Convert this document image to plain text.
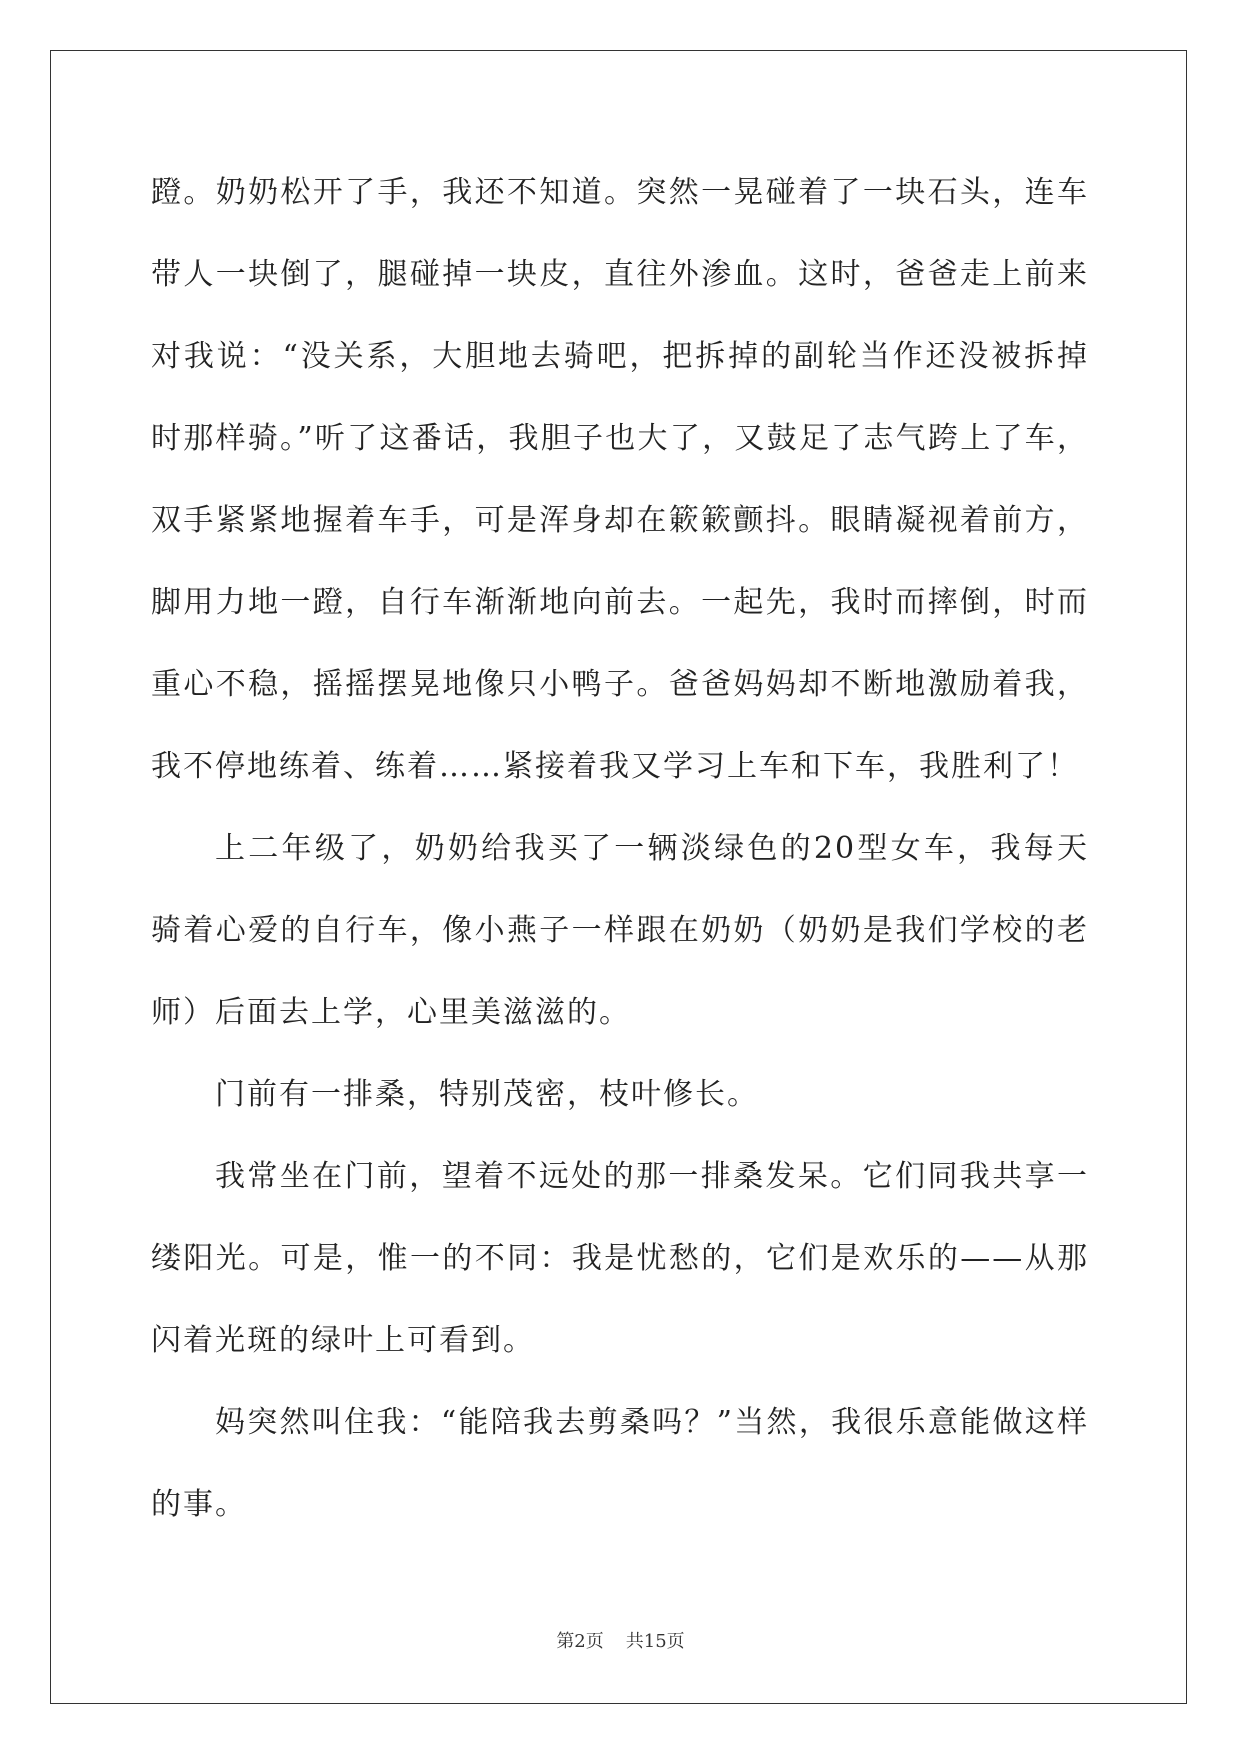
蹬。奶奶松开了手，我还不知道。突然一晃碰着了一块石头，连车带人一块倒了，腿碰掉一块皮，直往外渗血。这时，爸爸走上前来对我说：“没关系，大胆地去骑吧，把拆掉的副轮当作还没被拆掉时那样骑。”听了这番话，我胆子也大了，又鼓足了志气跨上了车，双手紧紧地握着车手，可是浑身却在簌簌颤抖。眼睛凝视着前方，脚用力地一蹬，自行车渐渐地向前去。一起先，我时而摔倒，时而重心不稳，摇摇摆晃地像只小鸭子。爸爸妈妈却不断地激励着我，我不停地练着、练着……紧接着我又学习上车和下车，我胜利了！

上二年级了，奶奶给我买了一辆淡绿色的20型女车，我每天骑着心爱的自行车，像小燕子一样跟在奶奶（奶奶是我们学校的老师）后面去上学，心里美滋滋的。

门前有一排桑，特别茂密，枝叶修长。

我常坐在门前，望着不远处的那一排桑发呆。它们同我共享一缕阳光。可是，惟一的不同：我是忧愁的，它们是欢乐的——从那闪着光斑的绿叶上可看到。

妈突然叫住我：“能陪我去剪桑吗？”当然，我很乐意能做这样的事。

第2页 共15页
